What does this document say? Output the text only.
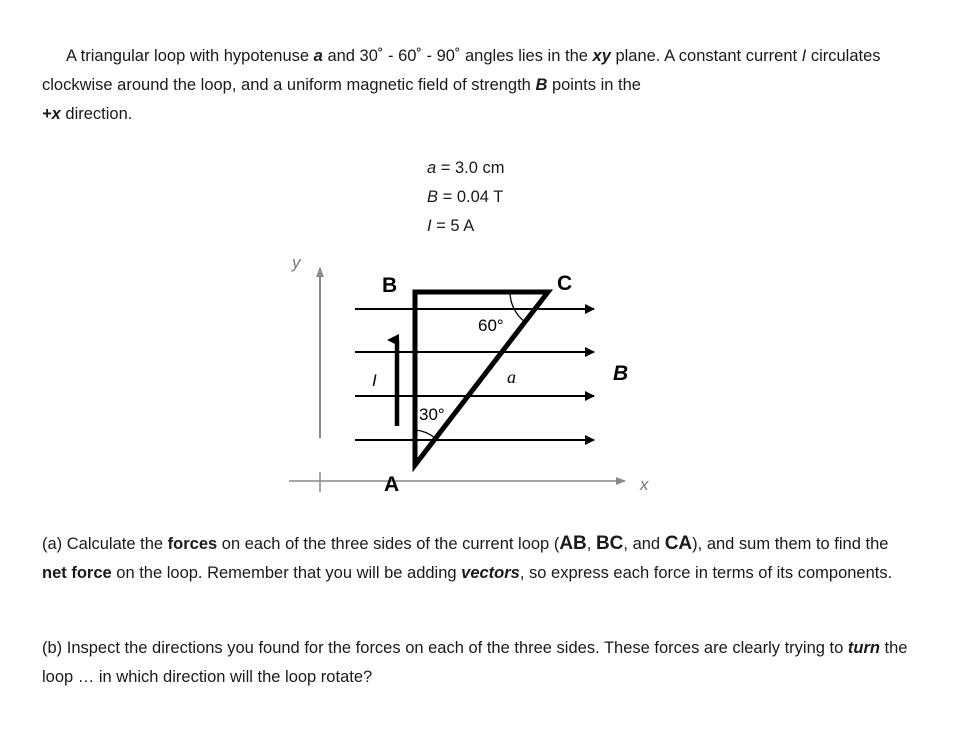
A triangular loop with hypotenuse a and 30˚ - 60˚ - 90˚ angles lies in the xy plane. A constant current I circulates clockwise around the loop, and a uniform magnetic field of strength B points in the
+x direction.

a = 3.0 cm
B = 0.04 T
I = 5 A
y
x
B	C
A
60°
30°
a
I	B

(a) Calculate the forces on each of the three sides of the current loop (AB, BC, and CA), and sum them to find the net force on the loop. Remember that you will be adding vectors, so express each force in terms of its components.

(b) Inspect the directions you found for the forces on each of the three sides. These forces are clearly trying to turn the loop … in which direction will the loop rotate?
